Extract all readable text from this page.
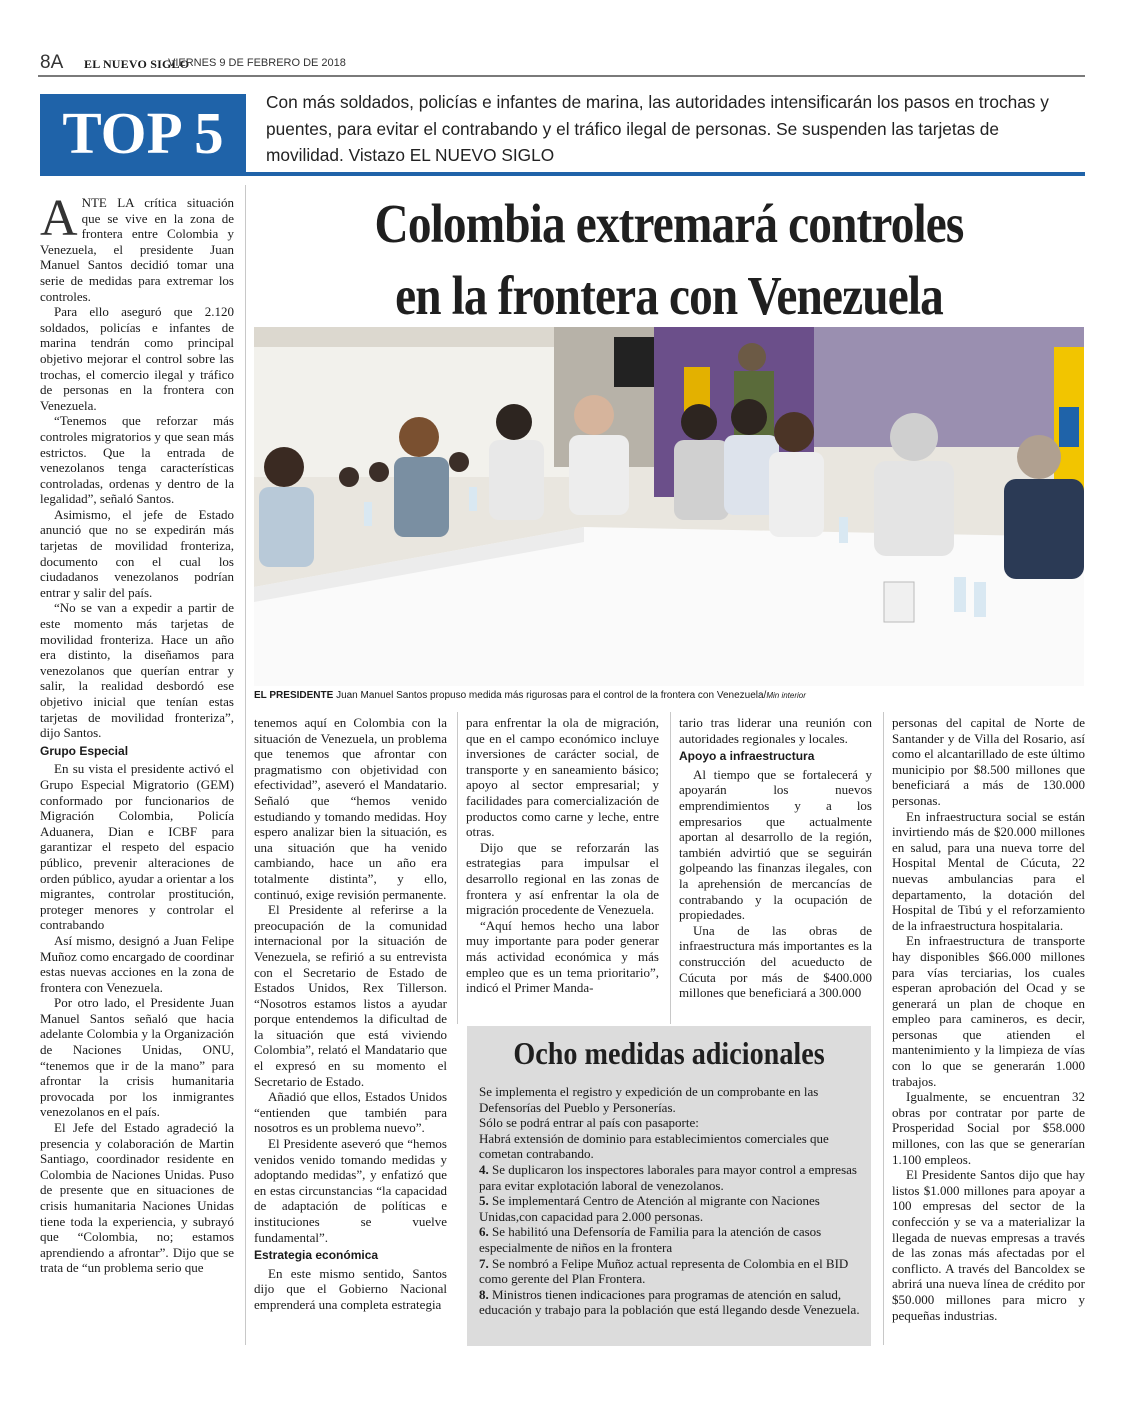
8A EL NUEVO SIGLO
VIERNES 9 DE FEBRERO DE 2018
TOP 5	Con más soldados, policías e infantes de marina, las autoridades intensificarán los pasos en trochas y puentes, para evitar el contrabando y el tráfico ilegal de personas. Se suspenden las tarjetas de movilidad. Vistazo EL NUEVO SIGLO
Colombia extremará controles
en la frontera con Venezuela
EL PRESIDENTE Juan Manuel Santos propuso medida más rigurosas para el control de la frontera con Venezuela/Min interior

ANTE LA crítica situación que se vive en la zona de frontera entre Colombia y Venezuela, el presidente Juan Manuel Santos decidió tomar una serie de medidas para extremar los controles.

Para ello aseguró que 2.120 soldados, policías e infantes de marina tendrán como principal objetivo mejorar el control sobre las trochas, el comercio ilegal y tráfico de personas en la frontera con Venezuela.

“Tenemos que reforzar más controles migratorios y que sean más estrictos. Que la entrada de venezolanos tenga características controladas, ordenas y dentro de la legalidad”, señaló Santos.

Asimismo, el jefe de Estado anunció que no se expedirán más tarjetas de movilidad fronteriza, documento con el cual los ciudadanos venezolanos podrían entrar y salir del país.

“No se van a expedir a partir de este momento más tarjetas de movilidad fronteriza. Hace un año era distinto, la diseñamos para venezolanos que querían entrar y salir, la realidad desbordó ese objetivo inicial que tenían estas tarjetas de movilidad fronteriza”, dijo Santos.

Grupo Especial

En su vista el presidente activó el Grupo Especial Migratorio (GEM) conformado por funcionarios de Migración Colombia, Policía Aduanera, Dian e ICBF para garantizar el respeto del espacio público, prevenir alteraciones de orden público, ayudar a orientar a los migrantes, controlar prostitución, proteger menores y controlar el contrabando

Así mismo, designó a Juan Felipe Muñoz como encargado de coordinar estas nuevas acciones en la zona de frontera con Venezuela.

Por otro lado, el Presidente Juan Manuel Santos señaló que hacia adelante Colombia y la Organización de Naciones Unidas, ONU, “tenemos que ir de la mano” para afrontar la crisis humanitaria provocada por los inmigrantes venezolanos en el país.

El Jefe del Estado agradeció la presencia y colaboración de Martin Santiago, coordinador residente en Colombia de Naciones Unidas. Puso de presente que en situaciones de crisis humanitaria Naciones Unidas tiene toda la experiencia, y subrayó que “Colombia, no; estamos aprendiendo a afrontar”. Dijo que se trata de “un problema serio que

tenemos aquí en Colombia con la situación de Venezuela, un problema que tenemos que afrontar con pragmatismo con objetividad con efectividad”, aseveró el Mandatario. Señaló que “hemos venido estudiando y tomando medidas. Hoy espero analizar bien la situación, es una situación que ha venido cambiando, hace un año era totalmente distinta”, y ello, continuó, exige revisión permanente.

El Presidente al referirse a la preocupación de la comunidad internacional por la situación de Venezuela, se refirió a su entrevista con el Secretario de Estado de Estados Unidos, Rex Tillerson. “Nosotros estamos listos a ayudar porque entendemos la dificultad de la situación que está viviendo Colombia”, relató el Mandatario que el expresó en su momento el Secretario de Estado.

Añadió que ellos, Estados Unidos “entienden que también para nosotros es un problema nuevo”.

El Presidente aseveró que “hemos venidos venido tomando medidas y adoptando medidas”, y enfatizó que en estas circunstancias “la capacidad de adaptación de políticas e instituciones se vuelve fundamental”.

Estrategia económica

En este mismo sentido, Santos dijo que el Gobierno Nacional emprenderá una completa estrategia

para enfrentar la ola de migración, que en el campo económico incluye inversiones de carácter social, de transporte y en saneamiento básico; apoyo al sector empresarial; y facilidades para comercialización de productos como carne y leche, entre otras.

Dijo que se reforzarán las estrategias para impulsar el desarrollo regional en las zonas de frontera y así enfrentar la ola de migración procedente de Venezuela.

“Aquí hemos hecho una labor muy importante para poder generar más actividad económica y más empleo que es un tema prioritario”, indicó el Primer Manda-

tario tras liderar una reunión con autoridades regionales y locales.

Apoyo a infraestructura

Al tiempo que se fortalecerá y apoyarán los nuevos emprendimientos y a los empresarios que actualmente aportan al desarrollo de la región, también advirtió que se seguirán golpeando las finanzas ilegales, con la aprehensión de mercancías de contrabando y la ocupación de propiedades.

Una de las obras de infraestructura más importantes es la construcción del acueducto de Cúcuta por más de $400.000 millones que beneficiará a 300.000

personas del capital de Norte de Santander y de Villa del Rosario, así como el alcantarillado de este último municipio por $8.500 millones que beneficiará a más de 130.000 personas.

En infraestructura social se están invirtiendo más de $20.000 millones en salud, para una nueva torre del Hospital Mental de Cúcuta, 22 nuevas ambulancias para el departamento, la dotación del Hospital de Tibú y el reforzamiento de la infraestructura hospitalaria.

En infraestructura de transporte hay disponibles $66.000 millones para vías terciarias, los cuales esperan aprobación del Ocad y se generará un plan de choque en empleo para camineros, es decir, personas que atienden el mantenimiento y la limpieza de vías con lo que se generarán 1.000 trabajos.

Igualmente, se encuentran 32 obras por contratar por parte de Prosperidad Social por $58.000 millones, con las que se generarían 1.100 empleos.

El Presidente Santos dijo que hay listos $1.000 millones para apoyar a 100 empresas del sector de la confección y se va a materializar la llegada de nuevas empresas a través de las zonas más afectadas por el conflicto. A través del Bancoldex se abrirá una nueva línea de crédito por $50.000 millones para micro y pequeñas industrias.

Ocho medidas adicionales
Se implementa el registro y expedición de un comprobante en las Defensorías del Pueblo y Personerías.
Sólo se podrá entrar al país con pasaporte:
Habrá extensión de dominio para establecimientos comerciales que cometan contrabando.
4. Se duplicaron los inspectores laborales para mayor control a empresas para evitar explotación laboral de venezolanos.
5. Se implementará Centro de Atención al migrante con Naciones Unidas,con capacidad para 2.000 personas.
6. Se habilitó una Defensoría de Familia para la atención de casos especialmente de niños en la frontera
7. Se nombró a Felipe Muñoz actual representa de Colombia en el BID como gerente del Plan Frontera.
8. Ministros tienen indicaciones para programas de atención en salud, educación y trabajo para la población que está llegando desde Venezuela.
